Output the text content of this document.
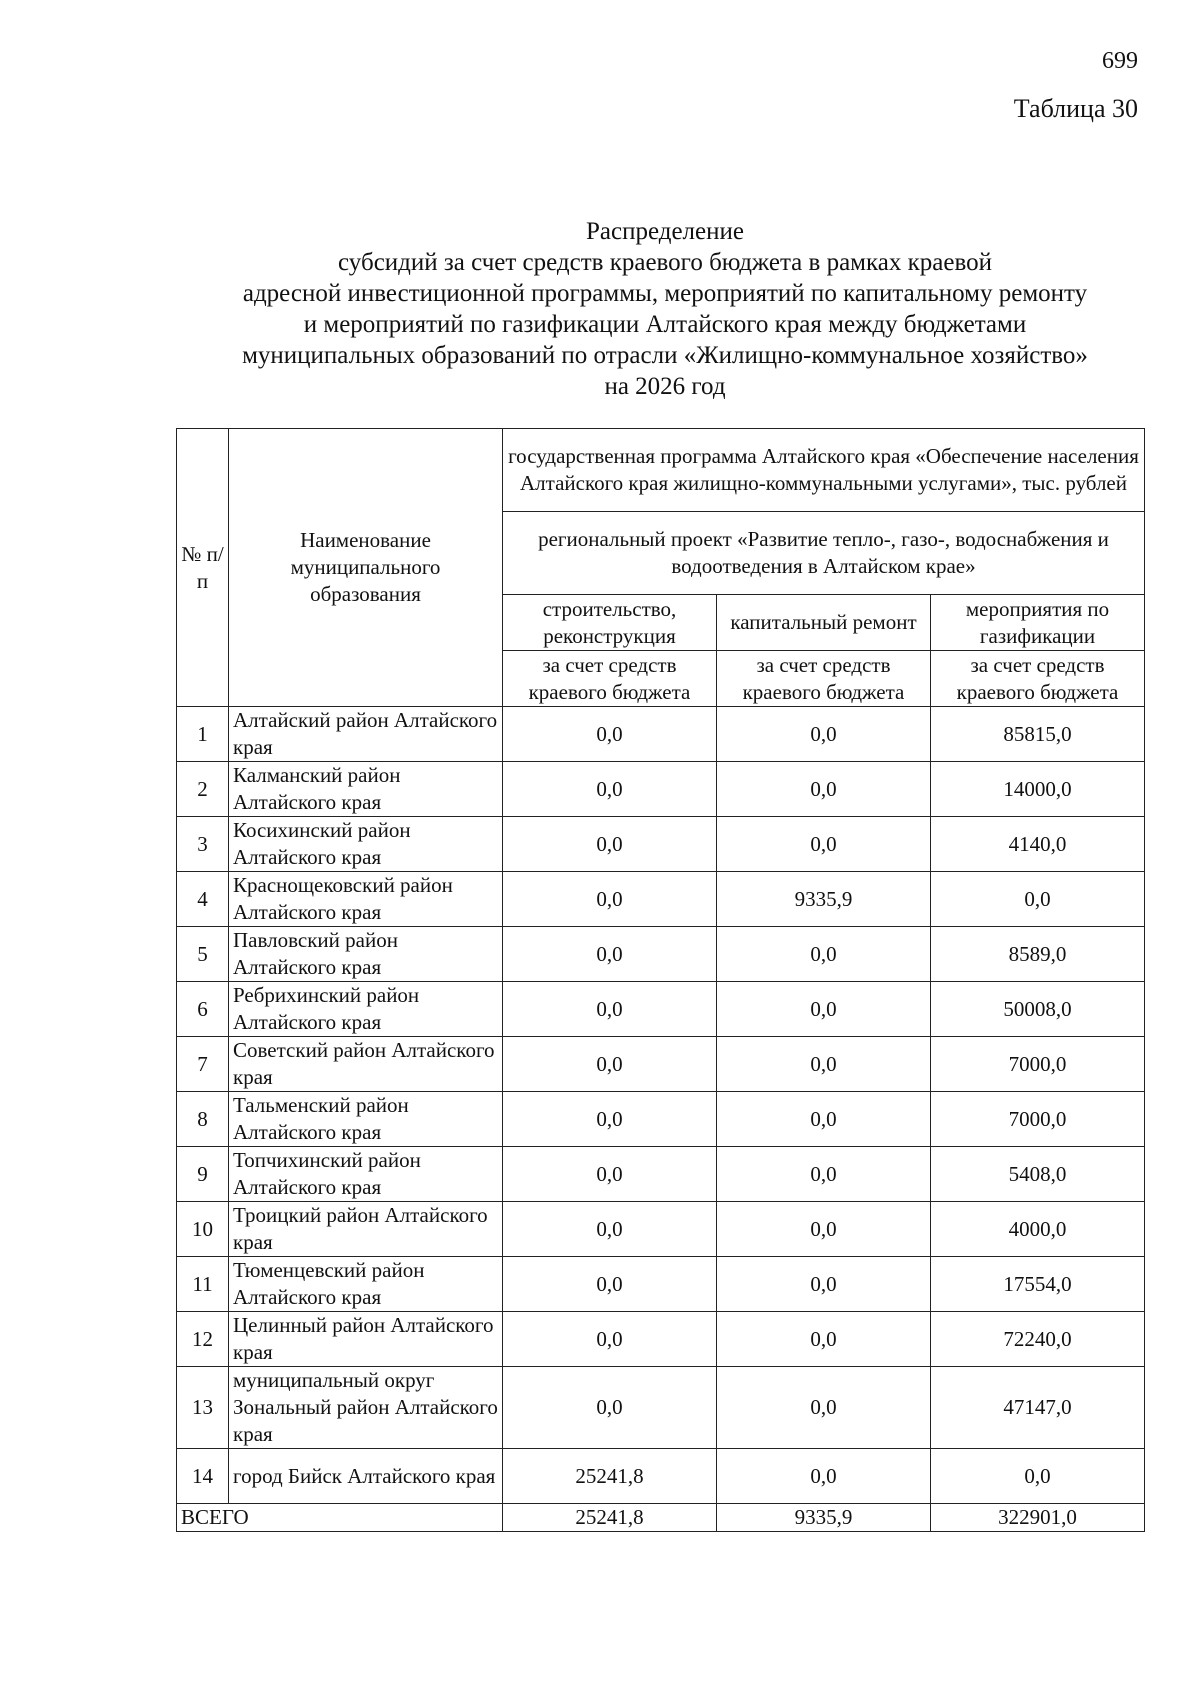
699
Таблица 30
Распределение
субсидий за счет средств краевого бюджета в рамках краевой
адресной инвестиционной программы, мероприятий по капитальному ремонту
и мероприятий по газификации Алтайского края между бюджетами
муниципальных образований по отрасли «Жилищно-коммунальное хозяйство»
на 2026 год
№ п/п	Наименование муниципального образования	государственная программа Алтайского края «Обеспечение населения Алтайского края жилищно-коммунальными услугами», тыс. рублей		
		региональный проект «Развитие тепло-, газо-, водоснабжения и водоотведения в Алтайском крае»		
		строительство, реконструкция	капитальный ремонт	мероприятия по газификации
		за счет средств краевого бюджета	за счет средств краевого бюджета	за счет средств краевого бюджета
1	Алтайский район Алтайского края	0,0	0,0	85815,0
2	Калманский район Алтайского края	0,0	0,0	14000,0
3	Косихинский район Алтайского края	0,0	0,0	4140,0
4	Краснощековский район Алтайского края	0,0	9335,9	0,0
5	Павловский район Алтайского края	0,0	0,0	8589,0
6	Ребрихинский район Алтайского края	0,0	0,0	50008,0
7	Советский район Алтайского края	0,0	0,0	7000,0
8	Тальменский район Алтайского края	0,0	0,0	7000,0
9	Топчихинский район Алтайского края	0,0	0,0	5408,0
10	Троицкий район Алтайского края	0,0	0,0	4000,0
11	Тюменцевский район Алтайского края	0,0	0,0	17554,0
12	Целинный район Алтайского края	0,0	0,0	72240,0
13	муниципальный округ Зональный район Алтайского края	0,0	0,0	47147,0
14	город Бийск Алтайского края	25241,8	0,0	0,0
ВСЕГО		25241,8	9335,9	322901,0
